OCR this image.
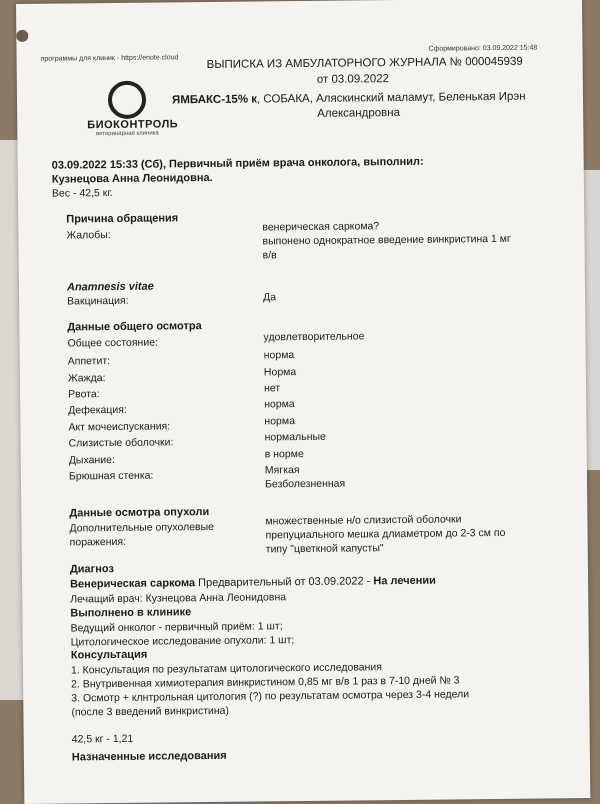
программы для клиник - https://enote.cloud
Сформировано: 03.09.2022 15:48
БИОКОНТРОЛЬ
ветеринарная клиника
ВЫПИСКА ИЗ АМБУЛАТОРНОГО ЖУРНАЛА № 000045939
от 03.09.2022
ЯМБАКС-15% к, СОБАКА, Аляскинский маламут, Беленькая Ирэн
Александровна
03.09.2022 15:33 (Сб), Первичный приём врача онколога, выполнил:
Кузнецова Анна Леонидовна.
Вес - 42,5 кг.
Причина обращения
Жалобы:
венерическая саркома?
выпонено однократное введение винкристина 1 мг
в/в
Anamnesis vitae
Вакцинация:	Да
Данные общего осмотра
Общее состояние:	удовлетворительное
Аппетит:	норма
Жажда:	Норма
Рвота:	нет
Дефекация:	норма
Акт мочеиспускания:	норма
Слизистые оболочки:	нормальные
Дыхание:	в норме
Брюшная стенка:	Мягкая
Безболезненная
Данные осмотра опухоли
Дополнительные опухолевые
поражения:
множественные н/о слизистой оболочки
препуциального мешка длиаметром до 2-3 см по
типу "цветкной капусты"
Диагноз
Венерическая саркома Предварительный от 03.09.2022 - На лечении
Лечащий врач: Кузнецова Анна Леонидовна
Выполнено в клинике
Ведущий онколог - первичный приём: 1 шт;
Цитологическое исследование опухоли: 1 шт;
Консультация
1. Консультация по результатам цитологического исследования
2. Внутривенная химиотерапия винкристином 0,85 мг в/в 1 раз в 7-10 дней № 3
3. Осмотр + клнтрольная цитология (?) по результатам осмотра через 3-4 недели
(после 3 введений винкристина)
42,5 кг - 1,21
Назначенные исследования
